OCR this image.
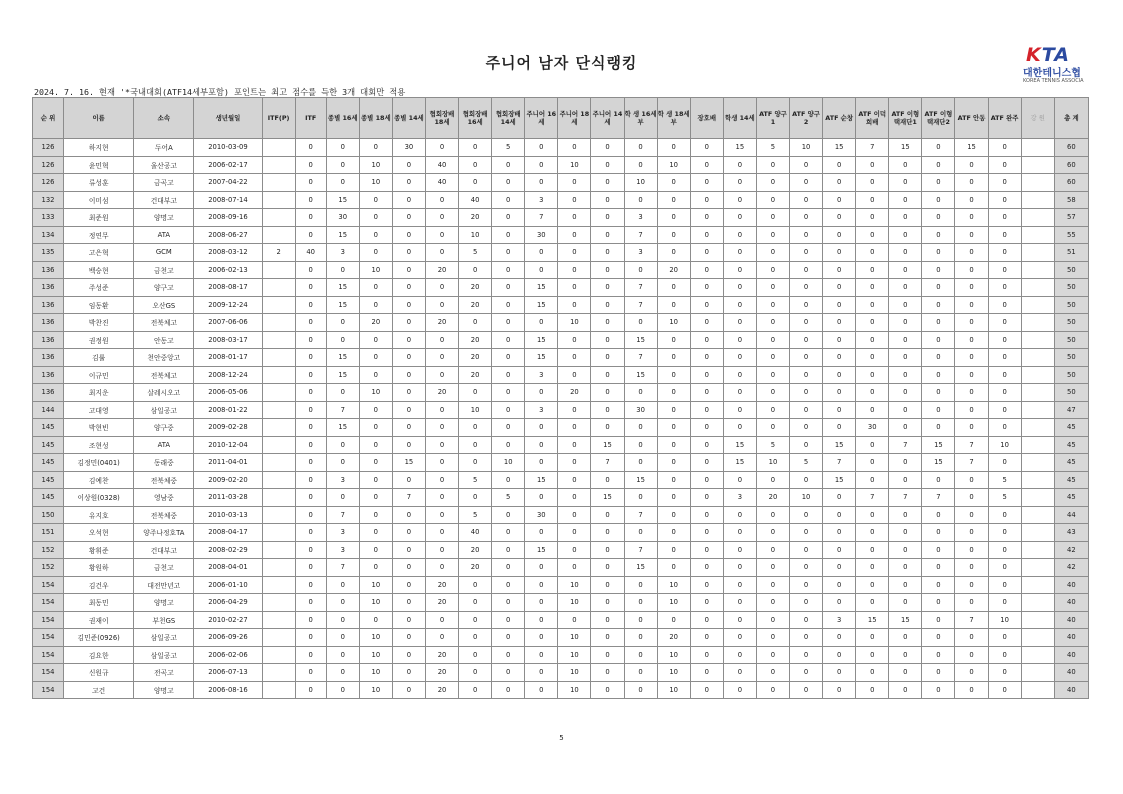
주니어 남자 단식랭킹	KTA
대한테니스협
KOREA TENNIS ASSOCIA
2024. 7. 16. 현재 '*국내대회(ATF14세부포함) 포인트는 최고 점수를 득한 3개 대회만 적용
순 위	이름	소속	생년월일	ITF(P)	ITF	종별 16세	종별 18세	종별 14세	협회장배18세	협회장배16세	협회장배14세	주니어 16세	주니어 18세	주니어 14세	학 생 16세부	학 생 18세부	장호배	학생 14세	ATF 양구1	ATF 양구2	ATF 순창	ATF 이덕희배	ATF 이형택재단1	ATF 이형택재단2	ATF 안동	ATF 완주	강 원	총 계
126	하지현	두어A	2010-03-09		0	0	0	30	0	0	5	0	0	0	0	0	0	15	5	10	15	7	15	0	15	0		60
126	윤민혁	울산공고	2006-02-17		0	0	10	0	40	0	0	0	10	0	0	10	0	0	0	0	0	0	0	0	0	0		60
126	류성훈	금곡고	2007-04-22		0	0	10	0	40	0	0	0	0	0	10	0	0	0	0	0	0	0	0	0	0	0		60
132	이미섬	건대부고	2008-07-14		0	15	0	0	0	40	0	3	0	0	0	0	0	0	0	0	0	0	0	0	0	0		58
133	최준원	양명고	2008-09-16		0	30	0	0	0	20	0	7	0	0	3	0	0	0	0	0	0	0	0	0	0	0		57
134	정연무	ATA	2008-06-27		0	15	0	0	0	10	0	30	0	0	7	0	0	0	0	0	0	0	0	0	0	0		55
135	고은혁	GCM	2008-03-12	2	40	3	0	0	0	5	0	0	0	0	3	0	0	0	0	0	0	0	0	0	0	0		51
136	백승현	금천고	2006-02-13		0	0	10	0	20	0	0	0	0	0	0	20	0	0	0	0	0	0	0	0	0	0		50
136	주성준	양구고	2008-08-17		0	15	0	0	0	20	0	15	0	0	7	0	0	0	0	0	0	0	0	0	0	0		50
136	임동환	오산GS	2009-12-24		0	15	0	0	0	20	0	15	0	0	7	0	0	0	0	0	0	0	0	0	0	0		50
136	박찬진	전북체고	2007-06-06		0	0	20	0	20	0	0	0	10	0	0	10	0	0	0	0	0	0	0	0	0	0		50
136	권정원	안동고	2008-03-17		0	0	0	0	0	20	0	15	0	0	15	0	0	0	0	0	0	0	0	0	0	0		50
136	김률	천안중앙고	2008-01-17		0	15	0	0	0	20	0	15	0	0	7	0	0	0	0	0	0	0	0	0	0	0		50
136	이규민	전북체고	2008-12-24		0	15	0	0	0	20	0	3	0	0	15	0	0	0	0	0	0	0	0	0	0	0		50
136	최지운	살레시오고	2006-05-06		0	0	10	0	20	0	0	0	20	0	0	0	0	0	0	0	0	0	0	0	0	0		50
144	고대영	삼일공고	2008-01-22		0	7	0	0	0	10	0	3	0	0	30	0	0	0	0	0	0	0	0	0	0	0		47
145	박현빈	양구중	2009-02-28		0	15	0	0	0	0	0	0	0	0	0	0	0	0	0	0	0	30	0	0	0	0		45
145	조현성	ATA	2010-12-04		0	0	0	0	0	0	0	0	0	15	0	0	0	15	5	0	15	0	7	15	7	10		45
145	김정민(0401)	동래중	2011-04-01		0	0	0	15	0	0	10	0	0	7	0	0	0	15	10	5	7	0	0	15	7	0		45
145	김예찬	전북체중	2009-02-20		0	3	0	0	0	5	0	15	0	0	15	0	0	0	0	0	15	0	0	0	0	5		45
145	이상원(0328)	영남중	2011-03-28		0	0	0	7	0	0	5	0	0	15	0	0	0	3	20	10	0	7	7	7	0	5		45
150	유지호	전북체중	2010-03-13		0	7	0	0	0	5	0	30	0	0	7	0	0	0	0	0	0	0	0	0	0	0		44
151	오석현	양주나정호TA	2008-04-17		0	3	0	0	0	40	0	0	0	0	0	0	0	0	0	0	0	0	0	0	0	0		43
152	황휘준	건대부고	2008-02-29		0	3	0	0	0	20	0	15	0	0	7	0	0	0	0	0	0	0	0	0	0	0		42
152	황원하	금천고	2008-04-01		0	7	0	0	0	20	0	0	0	0	15	0	0	0	0	0	0	0	0	0	0	0		42
154	김건우	대전만년고	2006-01-10		0	0	10	0	20	0	0	0	10	0	0	10	0	0	0	0	0	0	0	0	0	0		40
154	최동민	양명고	2006-04-29		0	0	10	0	20	0	0	0	10	0	0	10	0	0	0	0	0	0	0	0	0	0		40
154	권재이	부천GS	2010-02-27		0	0	0	0	0	0	0	0	0	0	0	0	0	0	0	0	3	15	15	0	7	10		40
154	김민준(0926)	삼일공고	2006-09-26		0	0	10	0	0	0	0	0	10	0	0	20	0	0	0	0	0	0	0	0	0	0		40
154	김요한	삼일공고	2006-02-06		0	0	10	0	20	0	0	0	10	0	0	10	0	0	0	0	0	0	0	0	0	0		40
154	신원규	전곡고	2006-07-13		0	0	10	0	20	0	0	0	10	0	0	10	0	0	0	0	0	0	0	0	0	0		40
154	고건	양명고	2006-08-16		0	0	10	0	20	0	0	0	10	0	0	10	0	0	0	0	0	0	0	0	0	0		40
5
